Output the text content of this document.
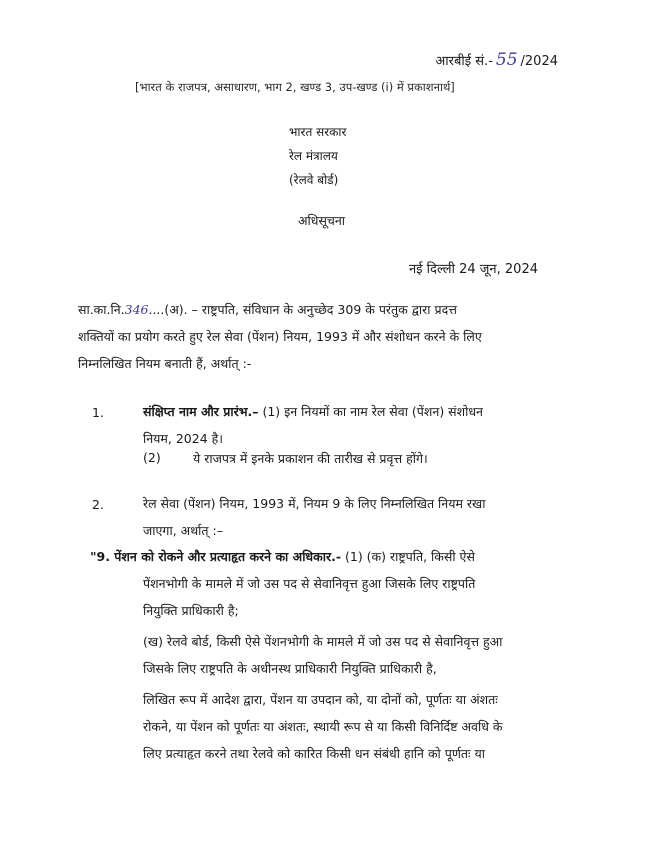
आरबीई सं.- 55 /2024
[भारत के राजपत्र, असाधारण, भाग 2, खण्ड 3, उप-खण्ड (i) में प्रकाशनार्थ]
भारत सरकार
रेल मंत्रालय
(रेलवे बोर्ड)
अधिसूचना
नई दिल्ली 24 जून, 2024
सा.का.नि.346....(अ). – राष्ट्रपति, संविधान के अनुच्छेद 309 के परंतुक द्वारा प्रदत्त
शक्तियों का प्रयोग करते हुए रेल सेवा (पेंशन) नियम, 1993 में और संशोधन करने के लिए
निम्नलिखित नियम बनाती हैं, अर्थात् :-
1.	संक्षिप्त नाम और प्रारंभ.– (1) इन नियमों का नाम रेल सेवा (पेंशन) संशोधन
नियम, 2024 है।
(2)	ये राजपत्र में इनके प्रकाशन की तारीख से प्रवृत्त होंगे।
2.	रेल सेवा (पेंशन) नियम, 1993 में, नियम 9 के लिए निम्नलिखित नियम रखा
जाएगा, अर्थात् :–
"9. पेंशन को रोकने और प्रत्याहृत करने का अधिकार.- (1) (क) राष्ट्रपति, किसी ऐसे
पेंशनभोगी के मामले में जो उस पद से सेवानिवृत्त हुआ जिसके लिए राष्ट्रपति
नियुक्ति प्राधिकारी है;
(ख) रेलवे बोर्ड, किसी ऐसे पेंशनभोगी के मामले में जो उस पद से सेवानिवृत्त हुआ
जिसके लिए राष्ट्रपति के अधीनस्थ प्राधिकारी नियुक्ति प्राधिकारी है,
लिखित रूप में आदेश द्वारा, पेंशन या उपदान को, या दोनों को, पूर्णतः या अंशतः
रोकने, या पेंशन को पूर्णतः या अंशतः, स्थायी रूप से या किसी विनिर्दिष्ट अवधि के
लिए प्रत्याहृत करने तथा रेलवे को कारित किसी धन संबंधी हानि को पूर्णतः या
